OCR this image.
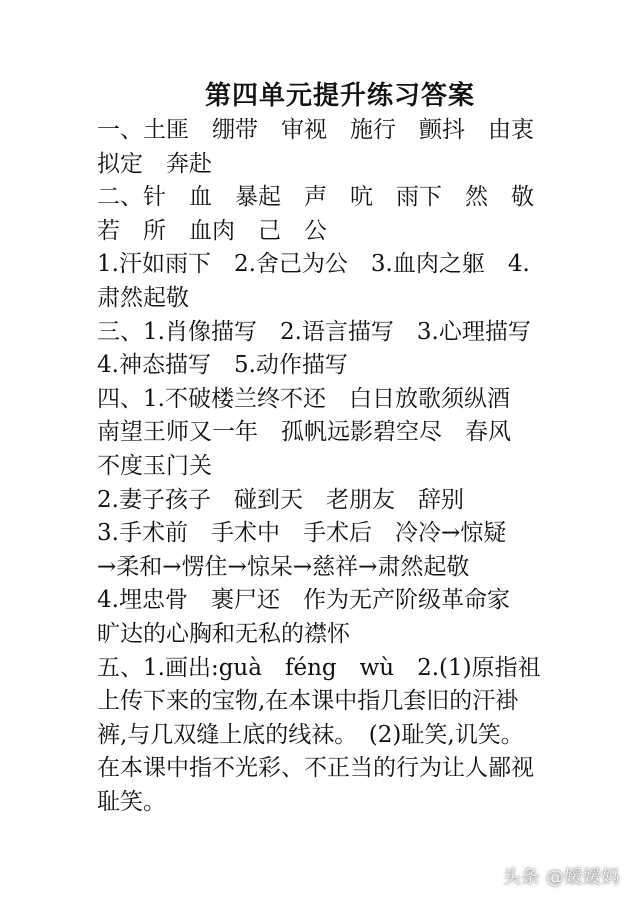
第四单元提升练习答案
一、土匪　绷带　审视　施行　颤抖　由衷
拟定　奔赴
二、针　血　暴起　声　吭　雨下　然　敬
若　所　血肉　己　公
1.汗如雨下　2.舍己为公　3.血肉之躯　4.
肃然起敬
三、1.肖像描写　2.语言描写　3.心理描写
4.神态描写　5.动作描写
四、1.不破楼兰终不还　白日放歌须纵酒
南望王师又一年　孤帆远影碧空尽　春风
不度玉门关
2.妻子孩子　碰到天　老朋友　辞别
3.手术前　手术中　手术后　冷冷→惊疑
→柔和→愣住→惊呆→慈祥→肃然起敬
4.埋忠骨　裹尸还　作为无产阶级革命家
旷达的心胸和无私的襟怀
五、1.画出:guà　féng　wù　2.(1)原指祖
上传下来的宝物,在本课中指几套旧的汗褂
裤,与几双缝上底的线袜。　(2)耻笑,讥笑。
在本课中指不光彩、不正当的行为让人鄙视
耻笑。
头条 @嫒嫒妈
